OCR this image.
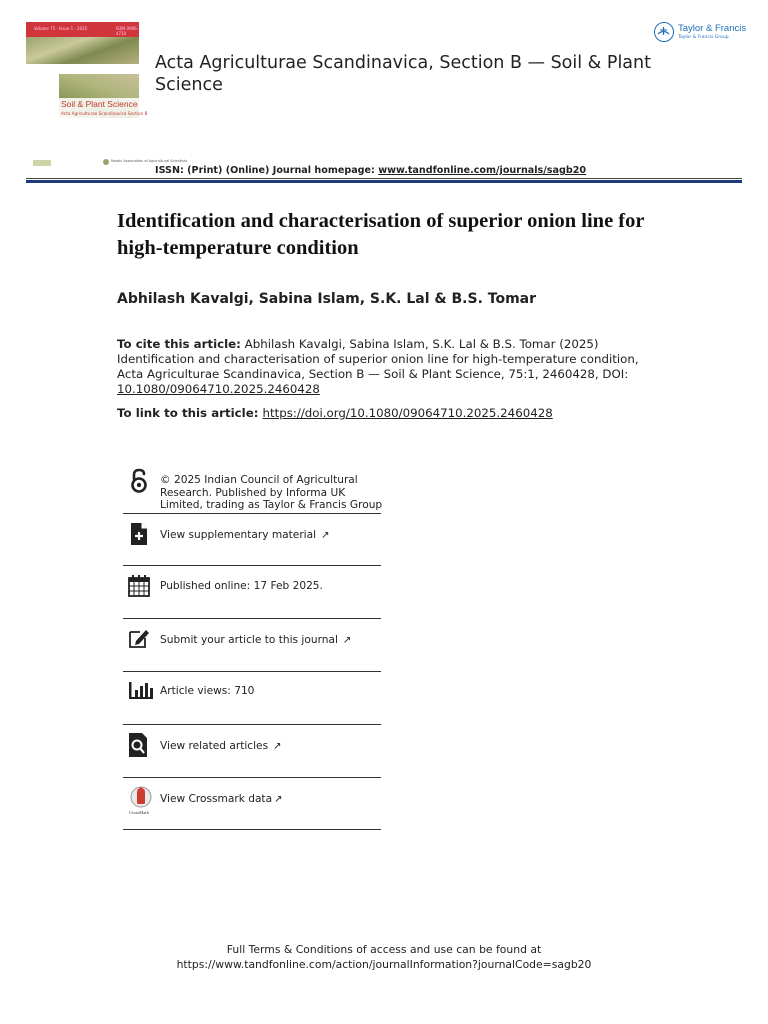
Volume 75 · Issue 1 · 2025	ISSN 0906-4710
Soil & Plant Science
Acta Agriculturae Scandinavica Section B
Acta Agriculturae Scandinavica, Section B — Soil & Plant Science
Taylor & Francis
Taylor & Francis Group
Nordic Association of Agricultural Scientists
ISSN: (Print) (Online) Journal homepage: www.tandfonline.com/journals/sagb20
Identification and characterisation of superior onion line for high-temperature condition
Abhilash Kavalgi, Sabina Islam, S.K. Lal & B.S. Tomar
To cite this article: Abhilash Kavalgi, Sabina Islam, S.K. Lal & B.S. Tomar (2025) Identification and characterisation of superior onion line for high-temperature condition, Acta Agriculturae Scandinavica, Section B — Soil & Plant Science, 75:1, 2460428, DOI: 10.1080/09064710.2025.2460428
To link to this article: https://doi.org/10.1080/09064710.2025.2460428
© 2025 Indian Council of Agricultural Research. Published by Informa UK Limited, trading as Taylor & Francis Group
View supplementary material ↗︎
Published online: 17 Feb 2025.
Submit your article to this journal ↗︎
Article views: 710
View related articles ↗︎
CrossMark
View Crossmark data ↗︎
Full Terms & Conditions of access and use can be found at
https://www.tandfonline.com/action/journalInformation?journalCode=sagb20
